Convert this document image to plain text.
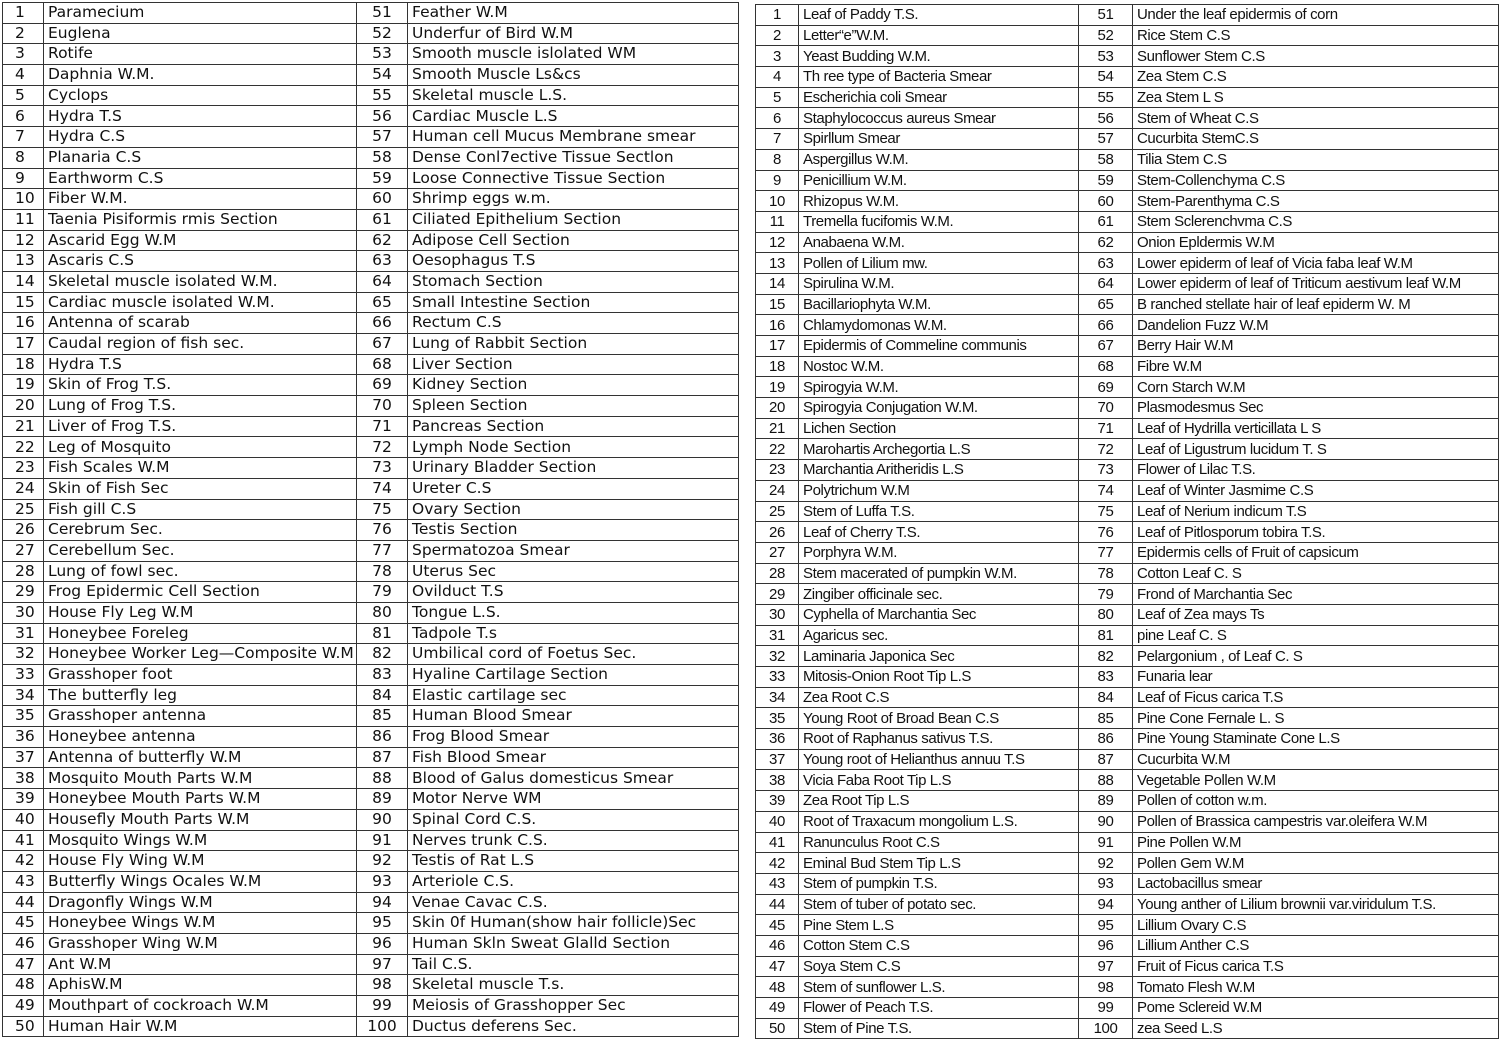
1	Paramecium	51	Feather W.M
2	Euglena	52	Underfur of Bird W.M
3	Rotife	53	Smooth muscle islolated WM
4	Daphnia W.M.	54	Smooth Muscle Ls&cs
5	Cyclops	55	Skeletal muscle L.S.
6	Hydra T.S	56	Cardiac Muscle L.S
7	Hydra C.S	57	Human cell Mucus Membrane smear
8	Planaria C.S	58	Dense Conl7ective Tissue Sectlon
9	Earthworm C.S	59	Loose Connective Tissue Section
10	Fiber W.M.	60	Shrimp eggs w.m.
11	Taenia Pisiformis rmis Section	61	Ciliated Epithelium Section
12	Ascarid Egg W.M	62	Adipose Cell Section
13	Ascaris C.S	63	Oesophagus T.S
14	Skeletal muscle isolated W.M.	64	Stomach Section
15	Cardiac muscle isolated W.M.	65	Small Intestine Section
16	Antenna of scarab	66	Rectum C.S
17	Caudal region of fish sec.	67	Lung of Rabbit Section
18	Hydra T.S	68	Liver Section
19	Skin of Frog T.S.	69	Kidney Section
20	Lung of Frog T.S.	70	Spleen Section
21	Liver of Frog T.S.	71	Pancreas Section
22	Leg of Mosquito	72	Lymph Node Section
23	Fish Scales W.M	73	Urinary Bladder Section
24	Skin of Fish Sec	74	Ureter C.S
25	Fish gill C.S	75	Ovary Section
26	Cerebrum Sec.	76	Testis Section
27	Cerebellum Sec.	77	Spermatozoa Smear
28	Lung of fowl sec.	78	Uterus Sec
29	Frog Epidermic Cell Section	79	Ovilduct T.S
30	House Fly Leg W.M	80	Tongue L.S.
31	Honeybee Foreleg	81	Tadpole T.s
32	Honeybee Worker Leg—Composite W.M	82	Umbilical cord of Foetus Sec.
33	Grasshoper foot	83	Hyaline Cartilage Section
34	The butterfly leg	84	Elastic cartilage sec
35	Grasshoper antenna	85	Human Blood Smear
36	Honeybee antenna	86	Frog Blood Smear
37	Antenna of butterfly W.M	87	Fish Blood Smear
38	Mosquito Mouth Parts W.M	88	Blood of Galus domesticus Smear
39	Honeybee Mouth Parts W.M	89	Motor Nerve WM
40	Housefly Mouth Parts W.M	90	Spinal Cord C.S.
41	Mosquito Wings W.M	91	Nerves trunk C.S.
42	House Fly Wing W.M	92	Testis of Rat L.S
43	Butterfly Wings Ocales W.M	93	Arteriole C.S.
44	Dragonfly Wings W.M	94	Venae Cavac C.S.
45	Honeybee Wings W.M	95	Skin 0f Human(show hair follicle)Sec
46	Grasshoper Wing W.M	96	Human Skln Sweat Glalld Section
47	Ant W.M	97	Tail C.S.
48	AphisW.M	98	Skeletal muscle T.s.
49	Mouthpart of cockroach W.M	99	Meiosis of Grasshopper Sec
50	Human Hair W.M	100	Ductus deferens Sec.
1	Leaf of Paddy T.S.	51	Under the leaf epidermis of corn
2	Letter“e”W.M.	52	Rice Stem C.S
3	Yeast Budding W.M.	53	Sunflower Stem C.S
4	Th ree type of Bacteria Smear	54	Zea Stem C.S
5	Escherichia coli Smear	55	Zea Stem L S
6	Staphylococcus aureus Smear	56	Stem of Wheat C.S
7	Spirllum Smear	57	Cucurbita StemC.S
8	Aspergillus W.M.	58	Tilia Stem C.S
9	Penicillium W.M.	59	Stem-Collenchyma C.S
10	Rhizopus W.M.	60	Stem-Parenthyma C.S
11	Tremella fucifomis W.M.	61	Stem Sclerenchvma C.S
12	Anabaena W.M.	62	Onion Epldermis W.M
13	Pollen of Lilium mw.	63	Lower epiderm of leaf of Vicia faba leaf W.M
14	Spirulina W.M.	64	Lower epiderm of leaf of Triticum aestivum leaf W.M
15	Bacillariophyta W.M.	65	B ranched stellate hair of leaf epiderm W. M
16	Chlamydomonas W.M.	66	Dandelion Fuzz W.M
17	Epidermis of Commeline communis	67	Berry Hair W.M
18	Nostoc W.M.	68	Fibre W.M
19	Spirogyia W.M.	69	Corn Starch W.M
20	Spirogyia Conjugation W.M.	70	Plasmodesmus Sec
21	Lichen Section	71	Leaf of Hydrilla verticillata L S
22	Marohartis Archegortia L.S	72	Leaf of Ligustrum lucidum T. S
23	Marchantia Aritheridis L.S	73	Flower of Lilac T.S.
24	Polytrichum W.M	74	Leaf of Winter Jasmime C.S
25	Stem of Luffa T.S.	75	Leaf of Nerium indicum T.S
26	Leaf of Cherry T.S.	76	Leaf of Pitlosporum tobira T.S.
27	Porphyra W.M.	77	Epidermis cells of Fruit of capsicum
28	Stem macerated of pumpkin W.M.	78	Cotton Leaf C. S
29	Zingiber officinale sec.	79	Frond of Marchantia Sec
30	Cyphella of Marchantia Sec	80	Leaf of Zea mays Ts
31	Agaricus sec.	81	pine Leaf C. S
32	Laminaria Japonica Sec	82	Pelargonium , of Leaf C. S
33	Mitosis-Onion Root Tip L.S	83	Funaria lear
34	Zea Root C.S	84	Leaf of Ficus carica T.S
35	Young Root of Broad Bean C.S	85	Pine Cone Fernale L. S
36	Root of Raphanus sativus T.S.	86	Pine Young Staminate Cone L.S
37	Young root of Helianthus annuu T.S	87	Cucurbita W.M
38	Vicia Faba Root Tip L.S	88	Vegetable Pollen W.M
39	Zea Root Tip L.S	89	Pollen of cotton w.m.
40	Root of Traxacum mongolium L.S.	90	Pollen of Brassica campestris var.oleifera W.M
41	Ranunculus Root C.S	91	Pine Pollen W.M
42	Eminal Bud Stem Tip L.S	92	Pollen Gem W.M
43	Stem of pumpkin T.S.	93	Lactobacillus smear
44	Stem of tuber of potato sec.	94	Young anther of Lilium brownii var.viridulum T.S.
45	Pine Stem L.S	95	Lillium Ovary C.S
46	Cotton Stem C.S	96	Lillium Anther C.S
47	Soya Stem C.S	97	Fruit of Ficus carica T.S
48	Stem of sunflower L.S.	98	Tomato Flesh W.M
49	Flower of Peach T.S.	99	Pome Sclereid W.M
50	Stem of Pine T.S.	100	zea Seed L.S
